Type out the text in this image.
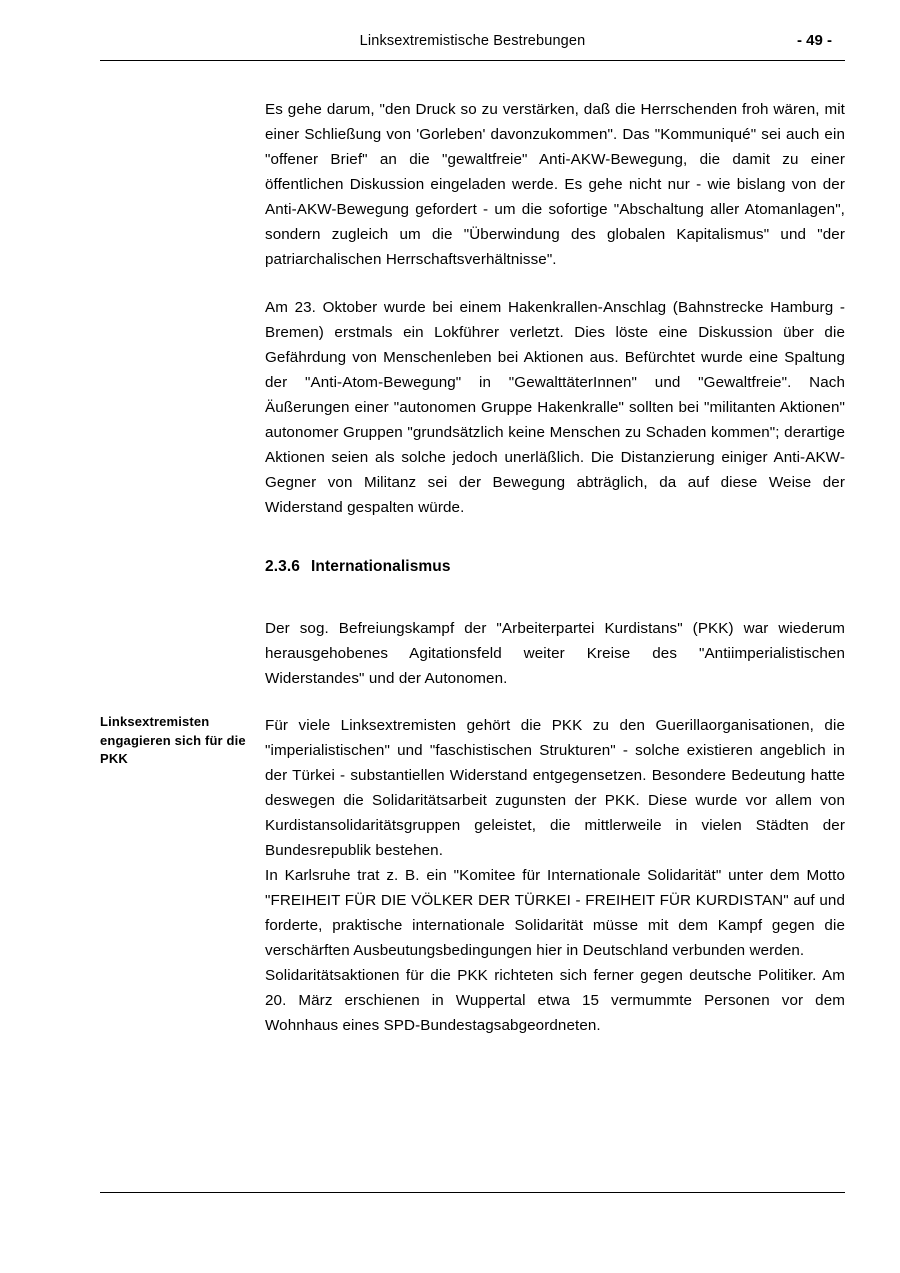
Linksextremistische Bestrebungen	- 49 -

Es gehe darum, "den Druck so zu verstärken, daß die Herrschenden froh wären, mit einer Schließung von 'Gorleben' davonzukommen". Das "Kommuniqué" sei auch ein "offener Brief" an die "gewaltfreie" Anti-AKW-Bewegung, die damit zu einer öffentlichen Diskussion eingeladen werde. Es gehe nicht nur - wie bislang von der Anti-AKW-Bewegung gefordert - um die sofortige "Abschaltung aller Atomanlagen", sondern zugleich um die "Überwindung des globalen Kapitalismus" und "der patriarchalischen Herrschaftsverhältnisse".

Am 23. Oktober wurde bei einem Hakenkrallen-Anschlag (Bahnstrecke Hamburg - Bremen) erstmals ein Lokführer verletzt. Dies löste eine Diskussion über die Gefährdung von Menschenleben bei Aktionen aus. Befürchtet wurde eine Spaltung der "Anti-Atom-Bewegung" in "GewalttäterInnen" und "Gewaltfreie". Nach Äußerungen einer "autonomen Gruppe Hakenkralle" sollten bei "militanten Aktionen" autonomer Gruppen "grundsätzlich keine Menschen zu Schaden kommen"; derartige Aktionen seien als solche jedoch unerläßlich. Die Distanzierung einiger Anti-AKW-Gegner von Militanz sei der Bewegung abträglich, da auf diese Weise der Widerstand gespalten würde.

2.3.6 Internationalismus

Der sog. Befreiungskampf der "Arbeiterpartei Kurdistans" (PKK) war wiederum herausgehobenes Agitationsfeld weiter Kreise des "Antiimperialistischen Widerstandes" und der Autonomen.

Linksextremisten engagieren sich für die PKK

Für viele Linksextremisten gehört die PKK zu den Guerillaorganisationen, die "imperialistischen" und "faschistischen Strukturen" - solche existieren angeblich in der Türkei - substantiellen Widerstand entgegensetzen. Besondere Bedeutung hatte deswegen die Solidaritätsarbeit zugunsten der PKK. Diese wurde vor allem von Kurdistansolidaritätsgruppen geleistet, die mittlerweile in vielen Städten der Bundesrepublik bestehen.

In Karlsruhe trat z. B. ein "Komitee für Internationale Solidarität" unter dem Motto "FREIHEIT FÜR DIE VÖLKER DER TÜRKEI - FREIHEIT FÜR KURDISTAN" auf und forderte, praktische internationale Solidarität müsse mit dem Kampf gegen die verschärften Ausbeutungsbedingungen hier in Deutschland verbunden werden.

Solidaritätsaktionen für die PKK richteten sich ferner gegen deutsche Politiker. Am 20. März erschienen in Wuppertal etwa 15 vermummte Personen vor dem Wohnhaus eines SPD-Bundestagsabgeordneten.
